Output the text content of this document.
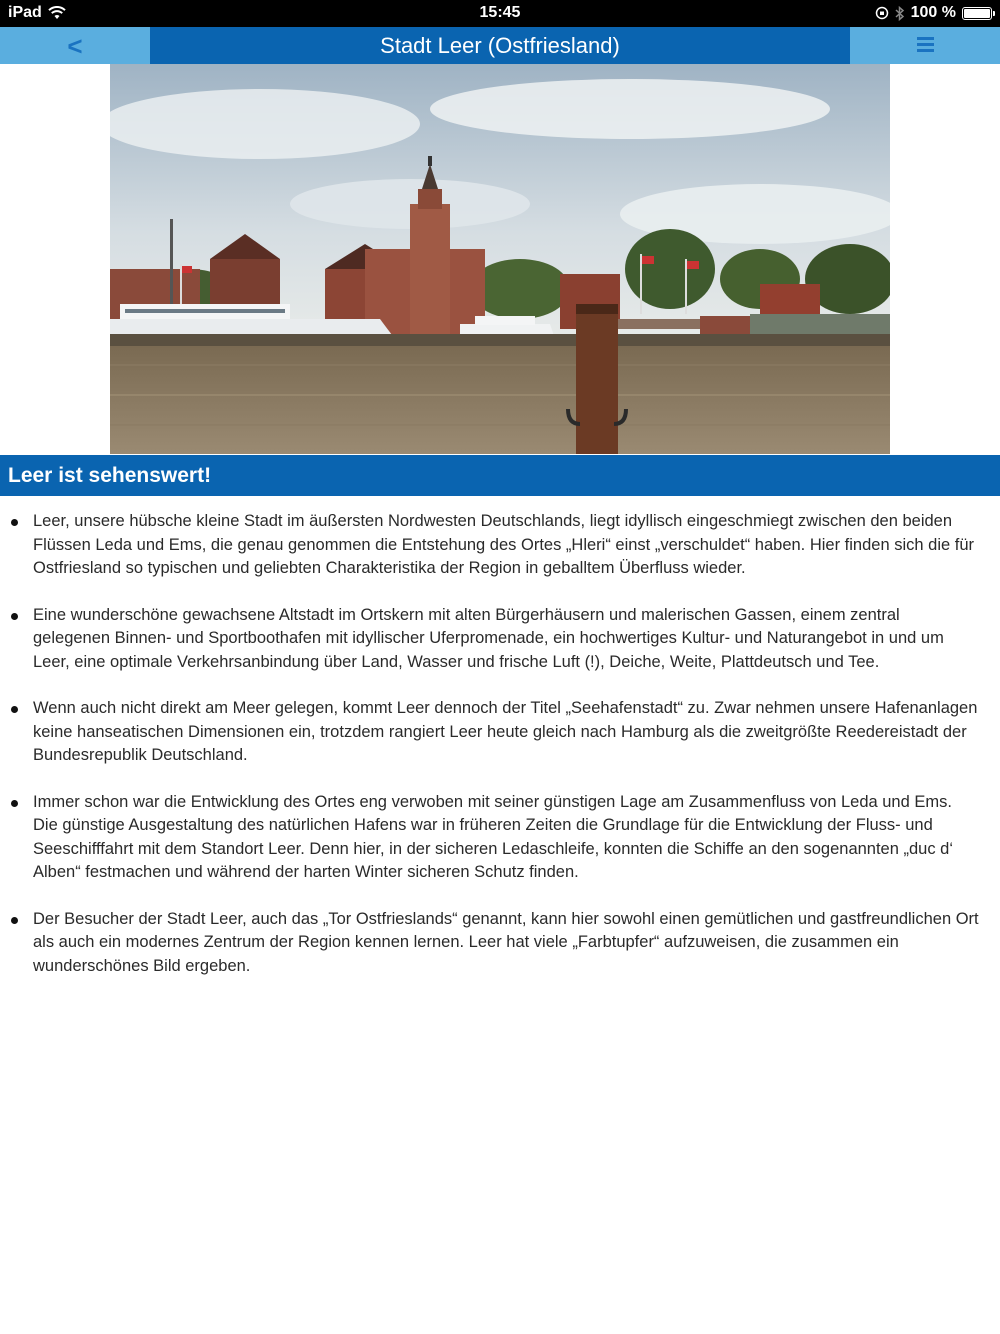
iPad	15:45	100 %
<	Stadt Leer (Ostfriesland)
Leer ist sehenswert!
Leer, unsere hübsche kleine Stadt im äußersten Nordwesten Deutschlands, liegt idyllisch eingeschmiegt zwischen den beiden Flüssen Leda und Ems, die genau genommen die Entstehung des Ortes „Hleri“ einst „verschuldet“ haben. Hier finden sich die für Ostfriesland so typischen und geliebten Charakteristika der Region in geballtem Überfluss wieder.
Eine wunderschöne gewachsene Altstadt im Ortskern mit alten Bürgerhäusern und malerischen Gassen, einem zentral gelegenen Binnen- und Sportboothafen mit idyllischer Uferpromenade, ein hochwertiges Kultur- und Naturangebot in und um Leer, eine optimale Verkehrsanbindung über Land, Wasser und frische Luft (!), Deiche, Weite, Plattdeutsch und Tee.
Wenn auch nicht direkt am Meer gelegen, kommt Leer dennoch der Titel „Seehafenstadt“ zu. Zwar nehmen unsere Hafenanlagen keine hanseatischen Dimensionen ein, trotzdem rangiert Leer heute gleich nach Hamburg als die zweitgrößte Reedereistadt der Bundesrepublik Deutschland.
Immer schon war die Entwicklung des Ortes eng verwoben mit seiner günstigen Lage am Zusammenfluss von Leda und Ems. Die günstige Ausgestaltung des natürlichen Hafens war in früheren Zeiten die Grundlage für die Entwicklung der Fluss- und Seeschifffahrt mit dem Standort Leer. Denn hier, in der sicheren Ledaschleife, konnten die Schiffe an den sogenannten „duc d‘ Alben“ festmachen und während der harten Winter sicheren Schutz finden.
Der Besucher der Stadt Leer, auch das „Tor Ostfrieslands“ genannt, kann hier sowohl einen gemütlichen und gastfreundlichen Ort als auch ein modernes Zentrum der Region kennen lernen. Leer hat viele „Farbtupfer“ aufzuweisen, die zusammen ein wunderschönes Bild ergeben.
